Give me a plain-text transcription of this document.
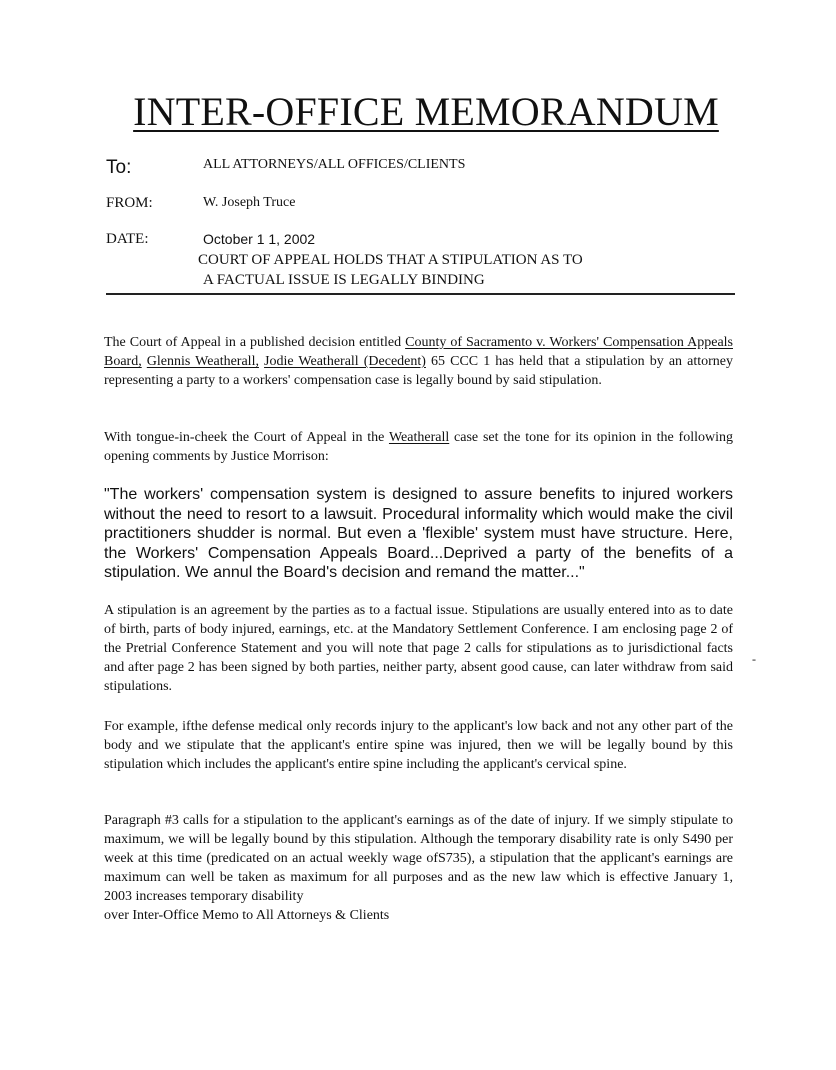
INTER-OFFICE MEMORANDUM
To:	ALL ATTORNEYS/ALL OFFICES/CLIENTS
FROM:	W. Joseph Truce
DATE:	October 1 1, 2002
COURT OF APPEAL HOLDS THAT A STIPULATION AS TO
A FACTUAL ISSUE IS LEGALLY BINDING

The Court of Appeal in a published decision entitled County of Sacramento v. Workers' Compensation Appeals Board, Glennis Weatherall, Jodie Weatherall (Decedent) 65 CCC 1 has held that a stipulation by an attorney representing a party to a workers' compensation case is legally bound by said stipulation.

With tongue-in-cheek the Court of Appeal in the Weatherall case set the tone for its opinion in the following opening comments by Justice Morrison:

"The workers' compensation system is designed to assure benefits to injured workers without the need to resort to a lawsuit. Procedural informality which would make the civil practitioners shudder is normal. But even a 'flexible' system must have structure. Here, the Workers' Compensation Appeals Board...Deprived a party of the benefits of a stipulation. We annul the Board's decision and remand the matter..."
A stipulation is an agreement by the parties as to a factual issue. Stipulations are usually entered into as to date of birth, parts of body injured, earnings, etc. at the Mandatory Settlement Conference. I am enclosing page 2 of the Pretrial Conference Statement and you will note that page 2 calls for stipulations as to jurisdictional facts and after page 2 has been signed by both parties, neither party, absent good cause, can later withdraw from said stipulations.
-
For example, ifthe defense medical only records injury to the applicant's low back and not any other part of the body and we stipulate that the applicant's entire spine was injured, then we will be legally bound by this stipulation which includes the applicant's entire spine including the applicant's cervical spine.
Paragraph #3 calls for a stipulation to the applicant's earnings as of the date of injury. If we simply stipulate to maximum, we will be legally bound by this stipulation. Although the temporary disability rate is only S490 per week at this time (predicated on an actual weekly wage ofS735), a stipulation that the applicant's earnings are maximum can well be taken as maximum for all purposes and as the new law which is effective January 1, 2003 increases temporary disability
over Inter-Office Memo to All Attorneys & Clients
